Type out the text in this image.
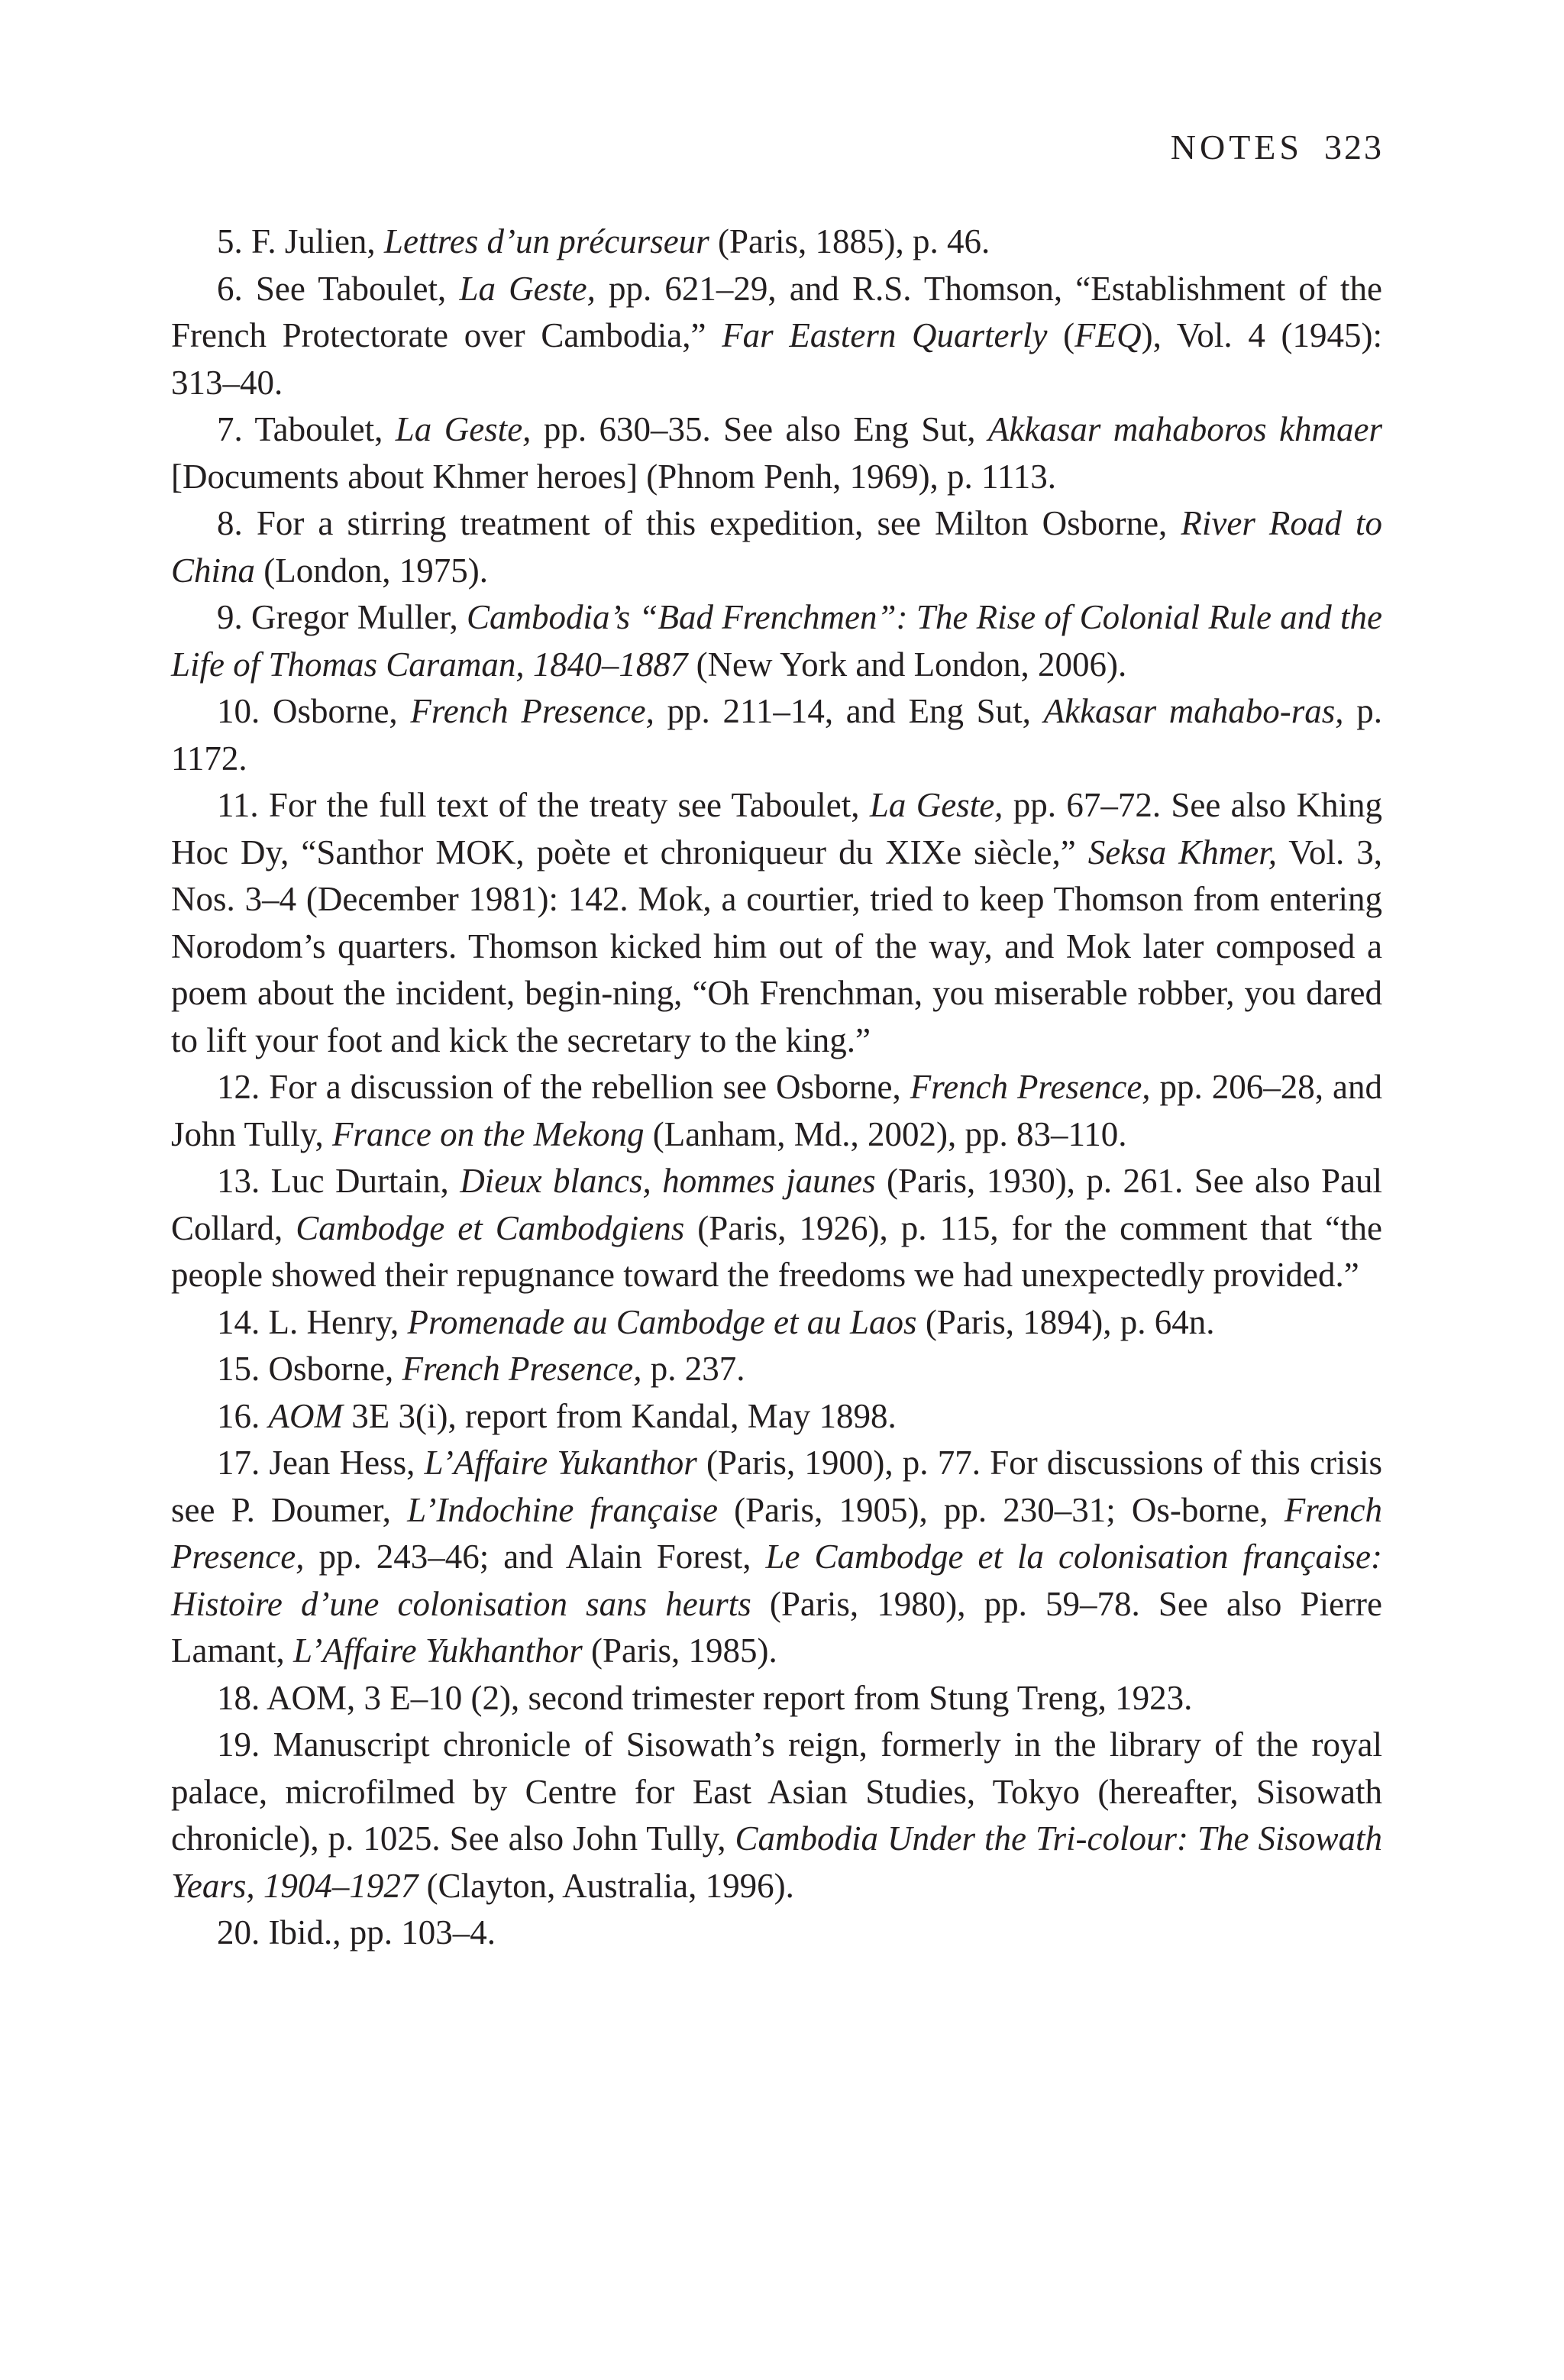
NOTES 323

5. F. Julien, Lettres d’un précurseur (Paris, 1885), p. 46.

6. See Taboulet, La Geste, pp. 621–29, and R.S. Thomson, “Establishment of the French Protectorate over Cambodia,” Far Eastern Quarterly (FEQ), Vol. 4 (1945): 313–40.

7. Taboulet, La Geste, pp. 630–35. See also Eng Sut, Akkasar mahaboros khmaer [Documents about Khmer heroes] (Phnom Penh, 1969), p. 1113.

8. For a stirring treatment of this expedition, see Milton Osborne, River Road to China (London, 1975).

9. Gregor Muller, Cambodia’s “Bad Frenchmen”: The Rise of Colonial Rule and the Life of Thomas Caraman, 1840–1887 (New York and London, 2006).

10. Osborne, French Presence, pp. 211–14, and Eng Sut, Akkasar mahabo-ras, p. 1172.

11. For the full text of the treaty see Taboulet, La Geste, pp. 67–72. See also Khing Hoc Dy, “Santhor MOK, poète et chroniqueur du XIXe siècle,” Seksa Khmer, Vol. 3, Nos. 3–4 (December 1981): 142. Mok, a courtier, tried to keep Thomson from entering Norodom’s quarters. Thomson kicked him out of the way, and Mok later composed a poem about the incident, begin-ning, “Oh Frenchman, you miserable robber, you dared to lift your foot and kick the secretary to the king.”

12. For a discussion of the rebellion see Osborne, French Presence, pp. 206–28, and John Tully, France on the Mekong (Lanham, Md., 2002), pp. 83–110.

13. Luc Durtain, Dieux blancs, hommes jaunes (Paris, 1930), p. 261. See also Paul Collard, Cambodge et Cambodgiens (Paris, 1926), p. 115, for the comment that “the people showed their repugnance toward the freedoms we had unexpectedly provided.”

14. L. Henry, Promenade au Cambodge et au Laos (Paris, 1894), p. 64n.

15. Osborne, French Presence, p. 237.

16. AOM 3E 3(i), report from Kandal, May 1898.

17. Jean Hess, L’Affaire Yukanthor (Paris, 1900), p. 77. For discussions of this crisis see P. Doumer, L’Indochine française (Paris, 1905), pp. 230–31; Os-borne, French Presence, pp. 243–46; and Alain Forest, Le Cambodge et la colonisation française: Histoire d’une colonisation sans heurts (Paris, 1980), pp. 59–78. See also Pierre Lamant, L’Affaire Yukhanthor (Paris, 1985).

18. AOM, 3 E–10 (2), second trimester report from Stung Treng, 1923.

19. Manuscript chronicle of Sisowath’s reign, formerly in the library of the royal palace, microfilmed by Centre for East Asian Studies, Tokyo (hereafter, Sisowath chronicle), p. 1025. See also John Tully, Cambodia Under the Tri-colour: The Sisowath Years, 1904–1927 (Clayton, Australia, 1996).

20. Ibid., pp. 103–4.
